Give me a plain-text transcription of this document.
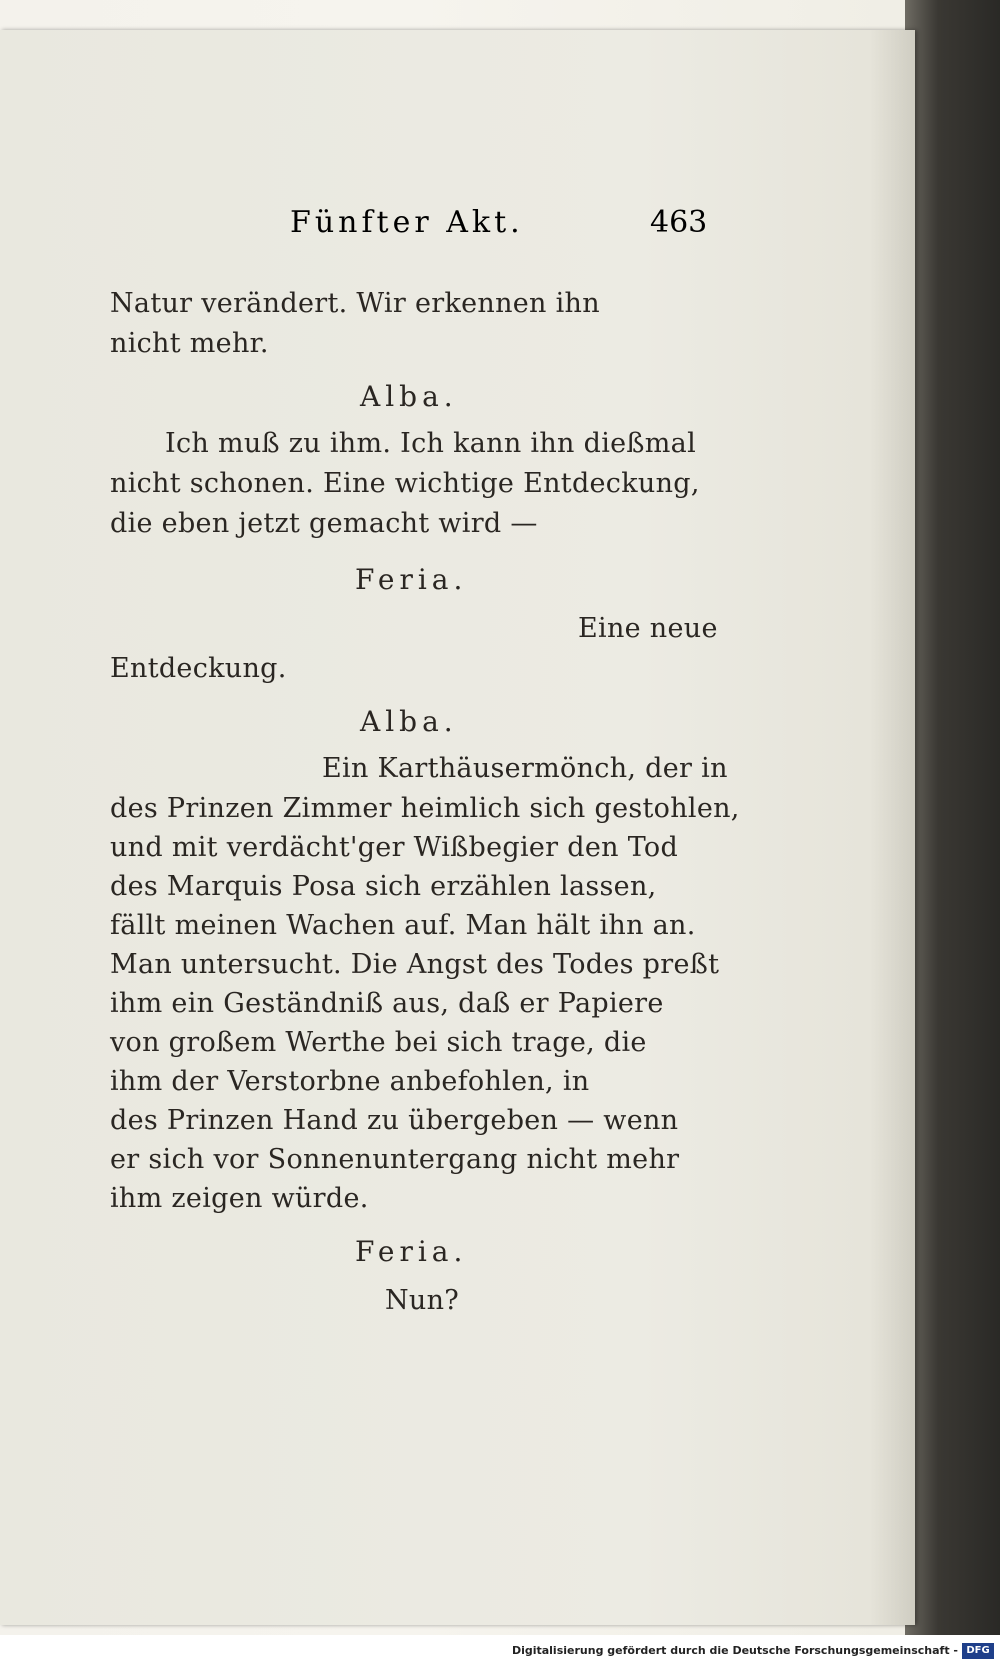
Fünfter Akt.	463
Natur verändert. Wir erkennen ihn
nicht mehr.
Alba.
Ich muß zu ihm. Ich kann ihn dießmal
nicht schonen. Eine wichtige Entdeckung,
die eben jetzt gemacht wird —
Feria.
Eine neue
Entdeckung.
Alba.
Ein Karthäusermönch, der in
des Prinzen Zimmer heimlich sich gestohlen,
und mit verdächt'ger Wißbegier den Tod
des Marquis Posa sich erzählen lassen,
fällt meinen Wachen auf. Man hält ihn an.
Man untersucht. Die Angst des Todes preßt
ihm ein Geständniß aus, daß er Papiere
von großem Werthe bei sich trage, die
ihm der Verstorbne anbefohlen, in
des Prinzen Hand zu übergeben — wenn
er sich vor Sonnenuntergang nicht mehr
ihm zeigen würde.
Feria.
Nun?
Digitalisierung gefördert durch die Deutsche Forschungsgemeinschaft - DFG
